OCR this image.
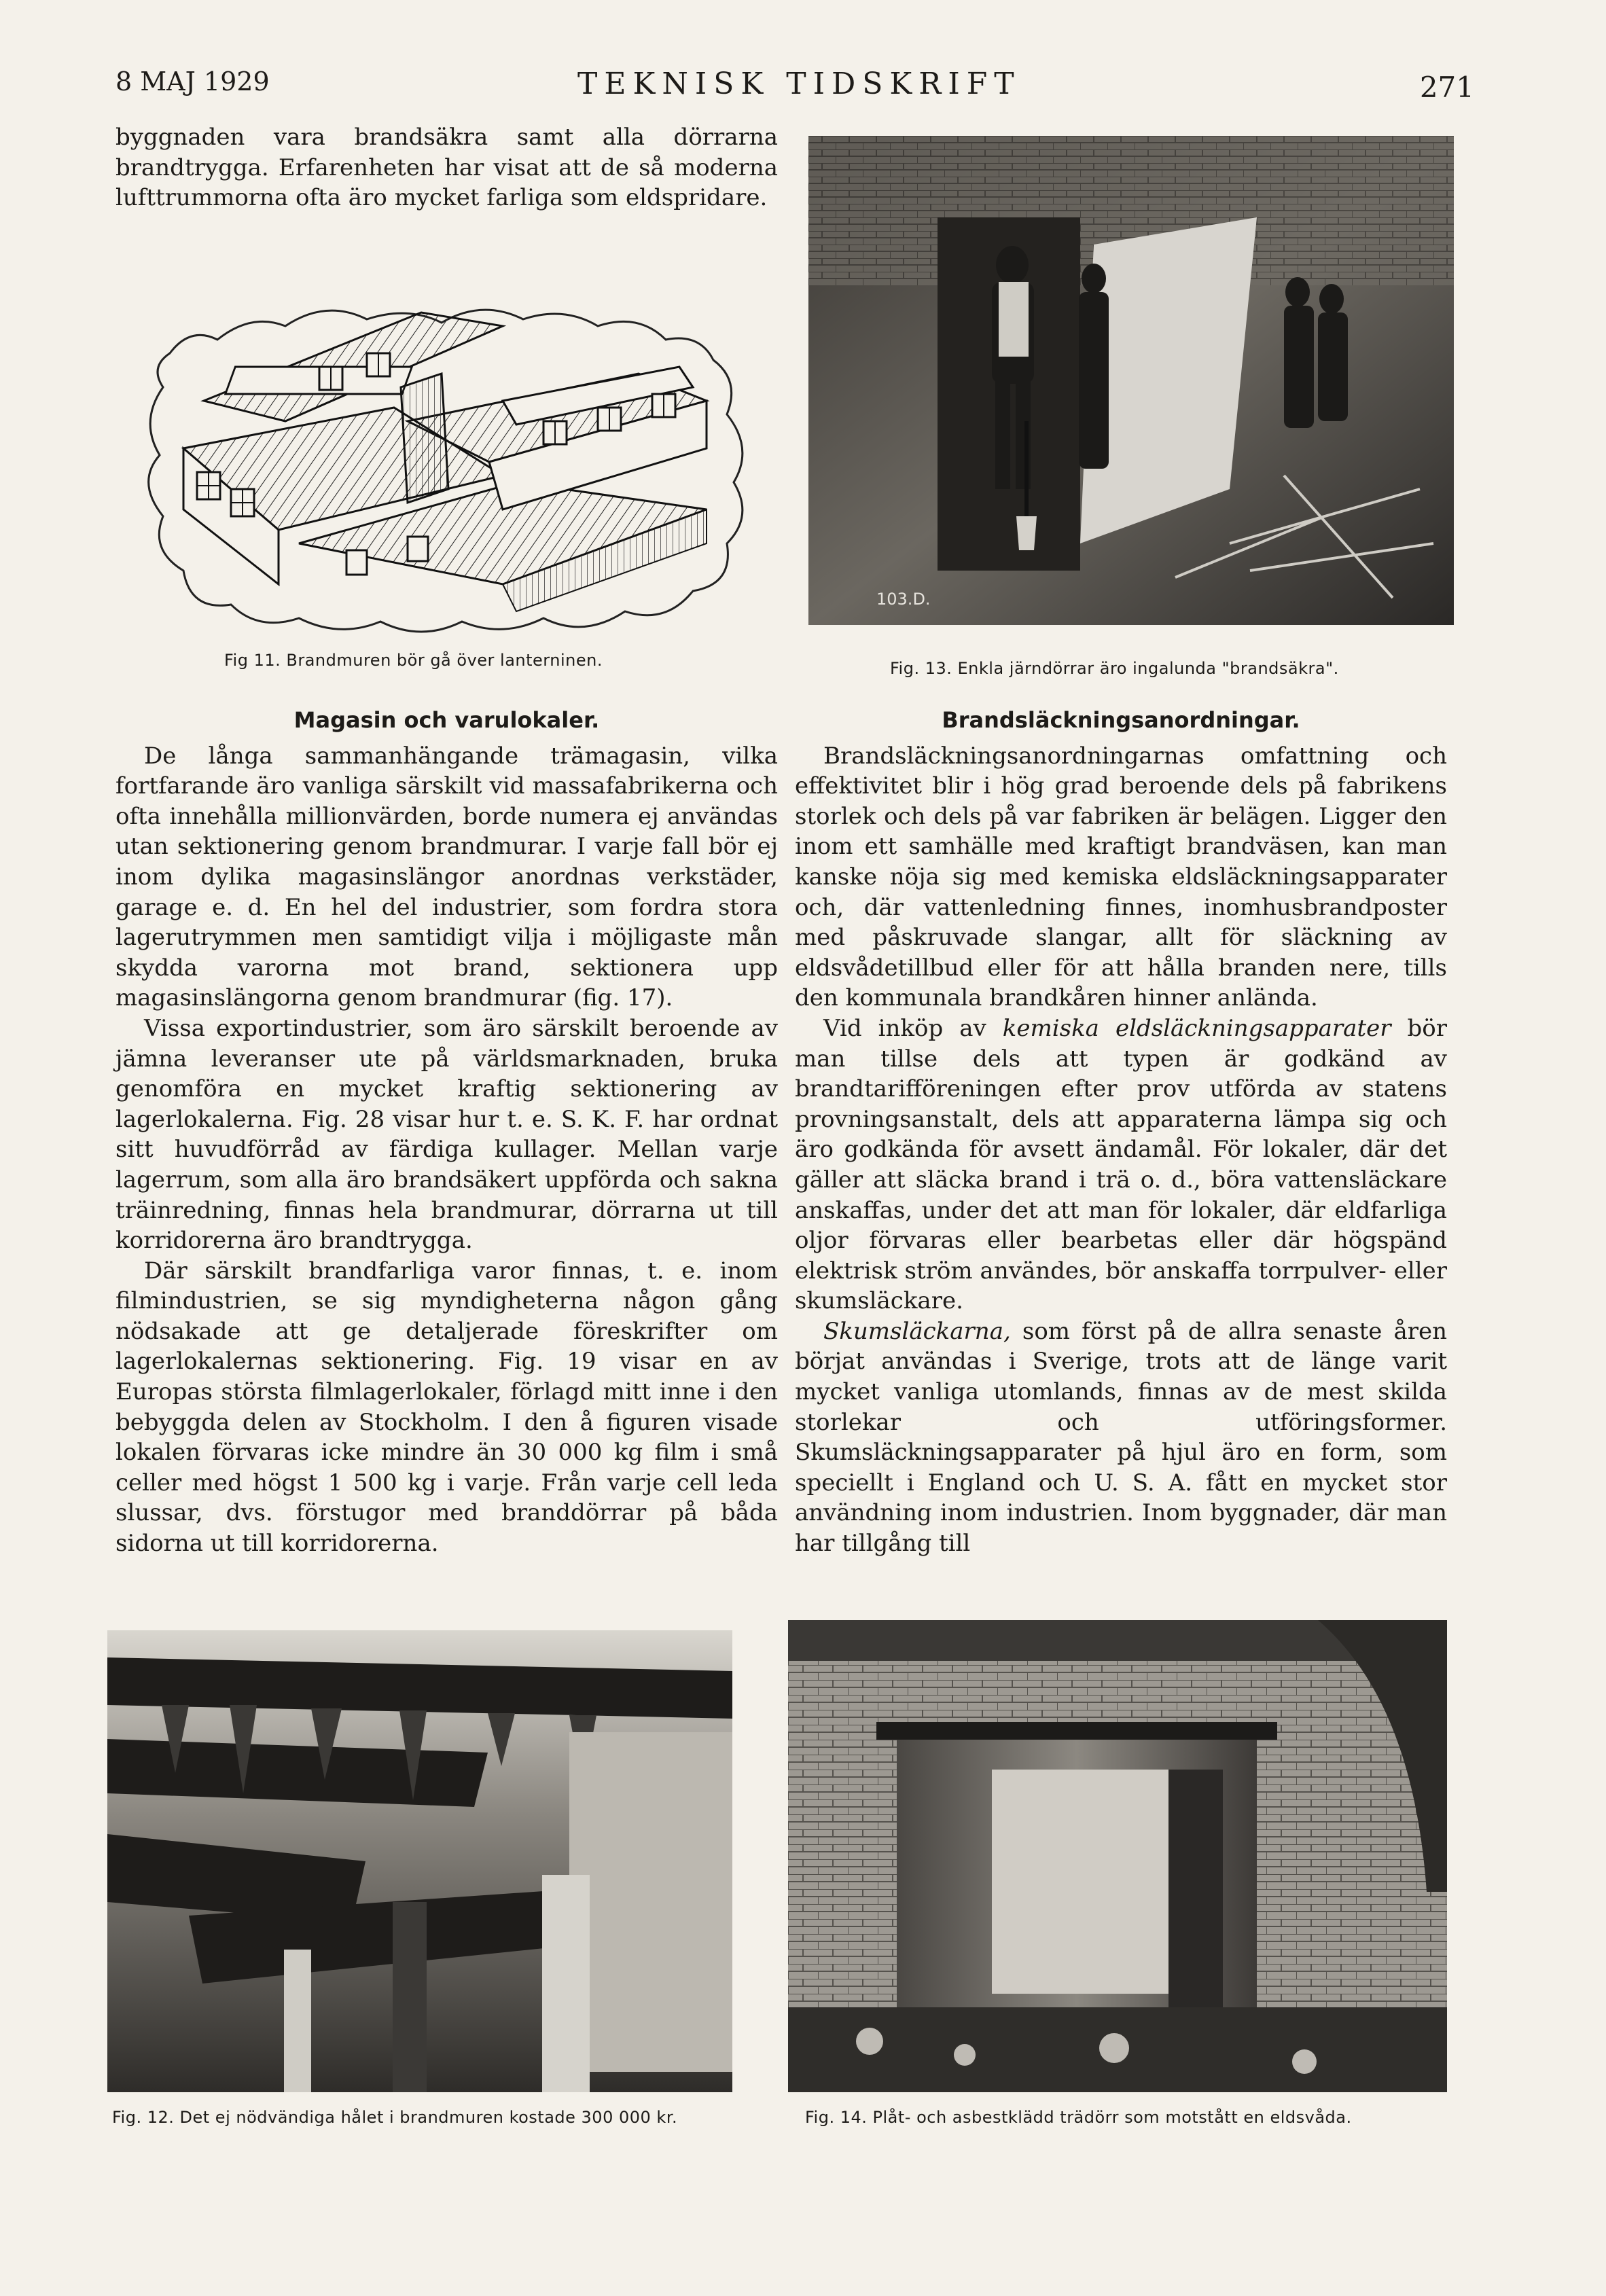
8 MAJ 1929	TEKNISK TIDSKRIFT	271

byggnaden vara brandsäkra samt alla dörrarna brandtrygga. Erfarenheten har visat att de så moderna lufttrummorna ofta äro mycket farliga som eldspridare.

Fig 11. Brandmuren bör gå över lanterninen.
103.D.
Fig. 13. Enkla järndörrar äro ingalunda "brandsäkra".
Magasin och varulokaler.

De långa sammanhängande trämagasin, vilka fortfarande äro vanliga särskilt vid massafabrikerna och ofta innehålla millionvärden, borde numera ej användas utan sektionering genom brandmurar. I varje fall bör ej inom dylika magasinslängor anordnas verkstäder, garage e. d. En hel del industrier, som fordra stora lagerutrymmen men samtidigt vilja i möjligaste mån skydda varorna mot brand, sektionera upp magasinslängorna genom brandmurar (fig. 17).

Vissa exportindustrier, som äro särskilt beroende av jämna leveranser ute på världsmarknaden, bruka genomföra en mycket kraftig sektionering av lagerlokalerna. Fig. 28 visar hur t. e. S. K. F. har ordnat sitt huvudförråd av färdiga kullager. Mellan varje lagerrum, som alla äro brandsäkert uppförda och sakna träinredning, finnas hela brandmurar, dörrarna ut till korridorerna äro brandtrygga.

Där särskilt brandfarliga varor finnas, t. e. inom filmindustrien, se sig myndigheterna någon gång nödsakade att ge detaljerade föreskrifter om lagerlokalernas sektionering. Fig. 19 visar en av Europas största filmlagerlokaler, förlagd mitt inne i den bebyggda delen av Stockholm. I den å figuren visade lokalen förvaras icke mindre än 30 000 kg film i små celler med högst 1 500 kg i varje. Från varje cell leda slussar, dvs. förstugor med branddörrar på båda sidorna ut till korridorerna.

Brandsläckningsanordningar.

Brandsläckningsanordningarnas omfattning och effektivitet blir i hög grad beroende dels på fabrikens storlek och dels på var fabriken är belägen. Ligger den inom ett samhälle med kraftigt brandväsen, kan man kanske nöja sig med kemiska eldsläckningsapparater och, där vattenledning finnes, inomhusbrandposter med påskruvade slangar, allt för släckning av eldsvådetillbud eller för att hålla branden nere, tills den kommunala brandkåren hinner anlända.

Vid inköp av kemiska eldsläckningsapparater bör man tillse dels att typen är godkänd av brandtarifföreningen efter prov utförda av statens provningsanstalt, dels att apparaterna lämpa sig och äro godkända för avsett ändamål. För lokaler, där det gäller att släcka brand i trä o. d., böra vattensläckare anskaffas, under det att man för lokaler, där eldfarliga oljor förvaras eller bearbetas eller där högspänd elektrisk ström användes, bör anskaffa torrpulver- eller skumsläckare.

Skumsläckarna, som först på de allra senaste åren börjat användas i Sverige, trots att de länge varit mycket vanliga utomlands, finnas av de mest skilda storlekar och utföringsformer. Skumsläckningsapparater på hjul äro en form, som speciellt i England och U. S. A. fått en mycket stor användning inom industrien. Inom byggnader, där man har tillgång till

Fig. 12. Det ej nödvändiga hålet i brandmuren kostade 300 000 kr.	Fig. 14. Plåt- och asbestklädd trädörr som motstått en eldsvåda.
